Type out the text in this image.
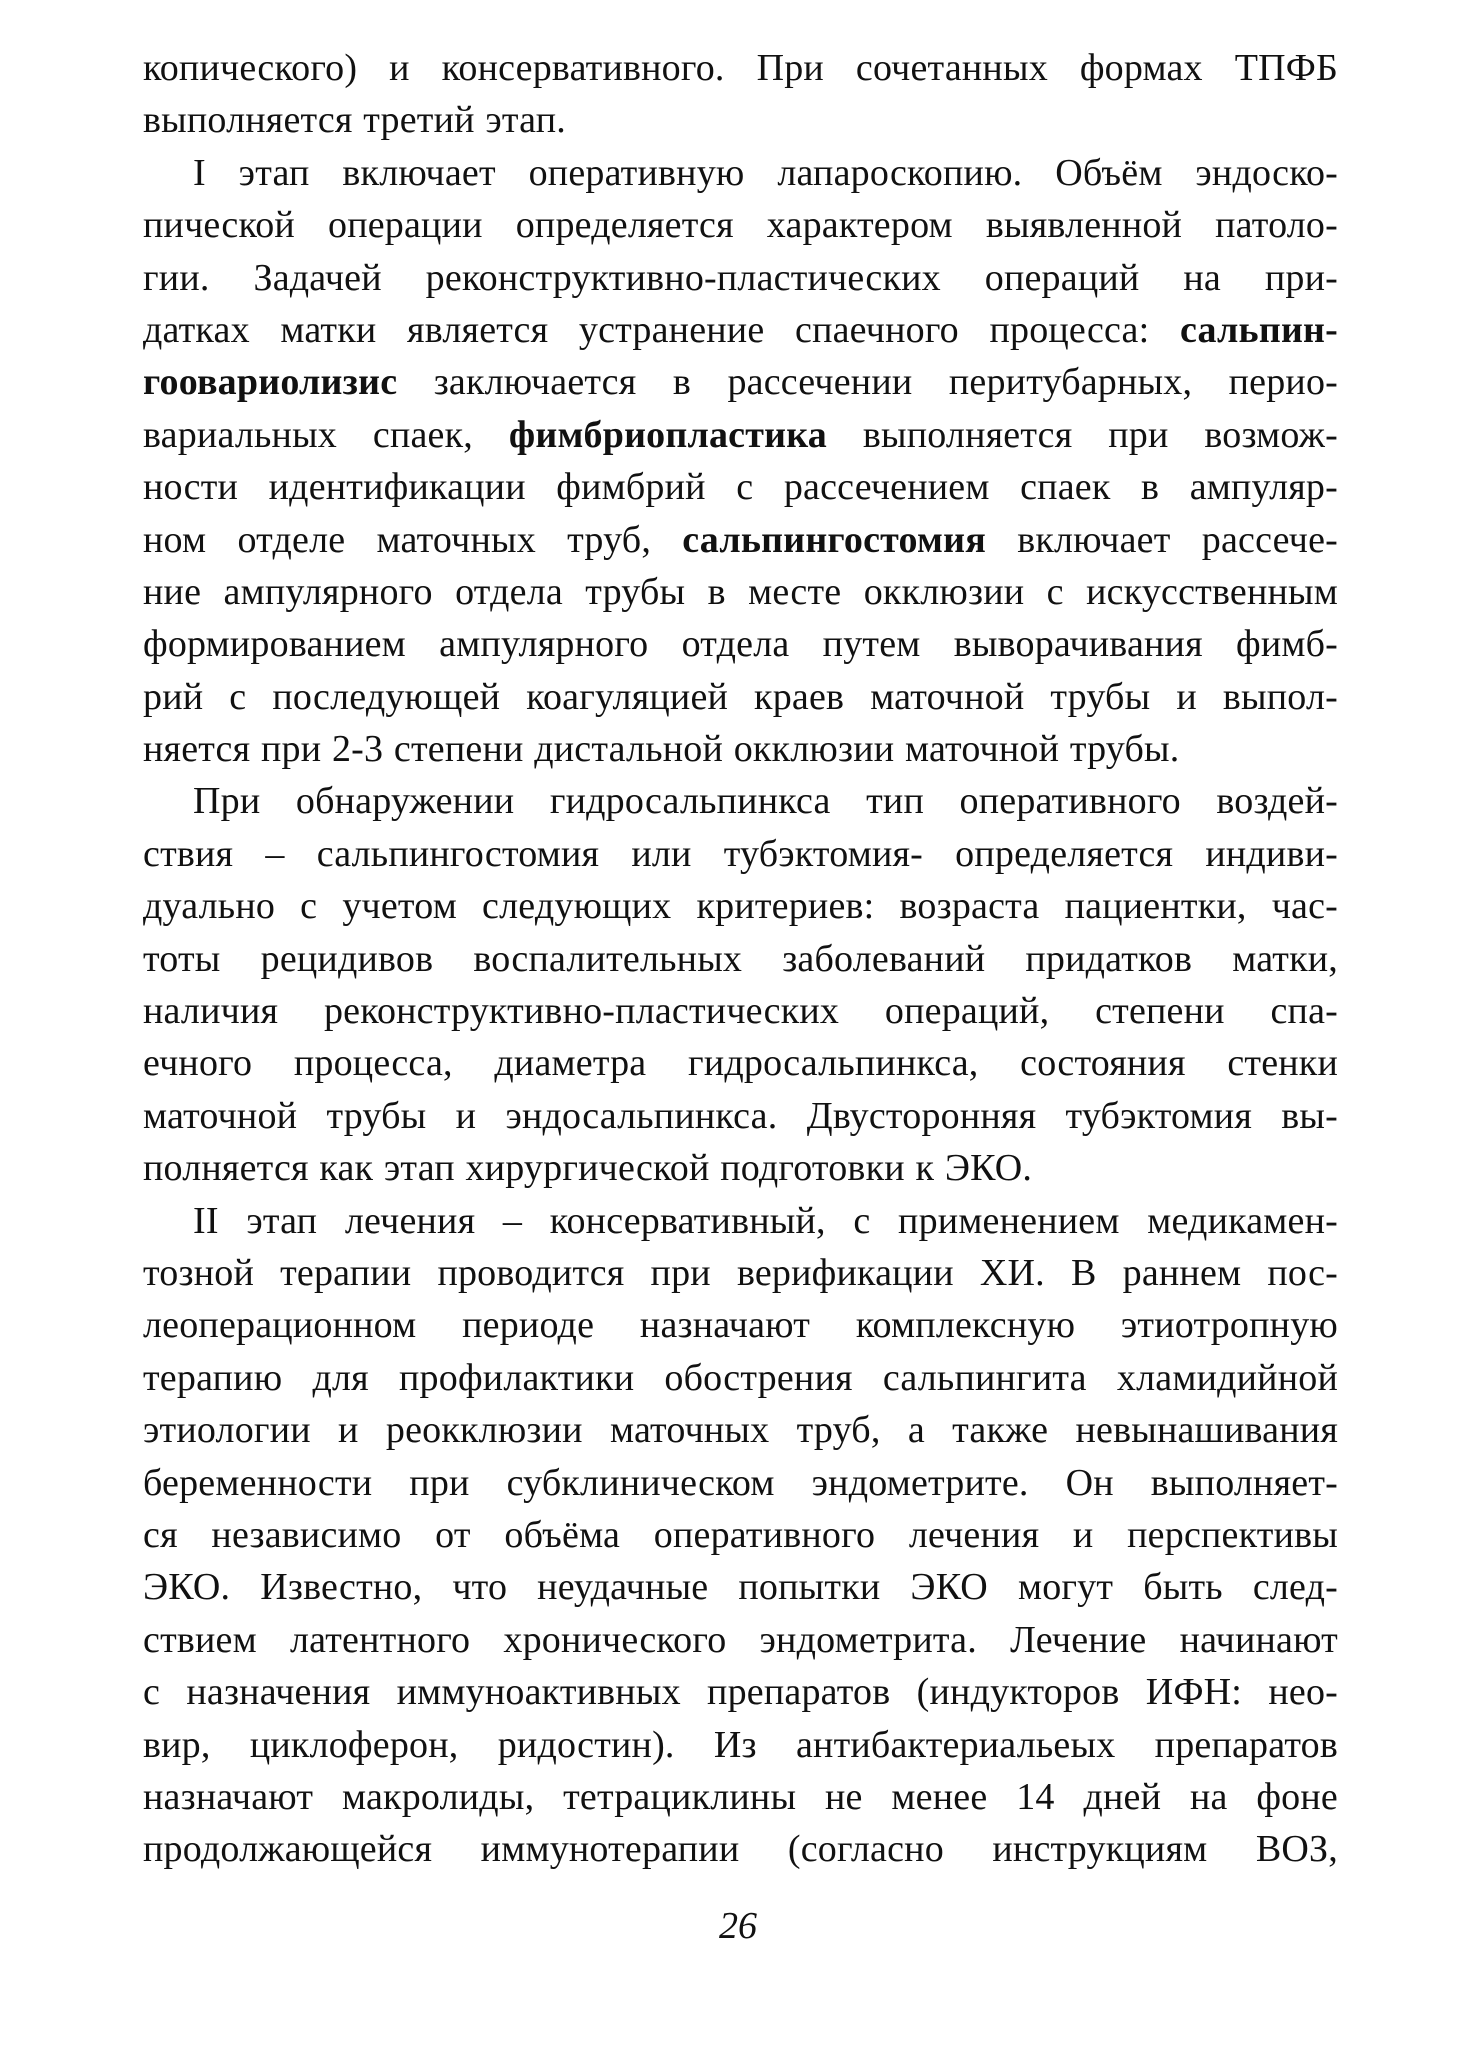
копического) и консервативного. При сочетанных формах ТПФБ
выполняется третий этап.
I этап включает оперативную лапароскопию. Объём эндоско-
пической операции определяется характером выявленной патоло-
гии. Задачей реконструктивно-пластических операций на при-
датках матки является устранение спаечного процесса: сальпин-
гоовариолизис заключается в рассечении перитубарных, перио-
вариальных спаек, фимбриопластика выполняется при возмож-
ности идентификации фимбрий с рассечением спаек в ампуляр-
ном отделе маточных труб, сальпингостомия включает рассече-
ние ампулярного отдела трубы в месте окклюзии с искусственным
формированием ампулярного отдела путем выворачивания фимб-
рий с последующей коагуляцией краев маточной трубы и выпол-
няется при 2-3 степени дистальной окклюзии маточной трубы.
При обнаружении гидросальпинкса тип оперативного воздей-
ствия – сальпингостомия или тубэктомия- определяется индиви-
дуально с учетом следующих критериев: возраста пациентки, час-
тоты рецидивов воспалительных заболеваний придатков матки,
наличия реконструктивно-пластических операций, степени спа-
ечного процесса, диаметра гидросальпинкса, состояния стенки
маточной трубы и эндосальпинкса. Двусторонняя тубэктомия вы-
полняется как этап хирургической подготовки к ЭКО.
II этап лечения – консервативный, с применением медикамен-
тозной терапии проводится при верификации ХИ. В раннем пос-
леоперационном периоде назначают комплексную этиотропную
терапию для профилактики обострения сальпингита хламидийной
этиологии и реокклюзии маточных труб, а также невынашивания
беременности при субклиническом эндометрите. Он выполняет-
ся независимо от объёма оперативного лечения и перспективы
ЭКО. Известно, что неудачные попытки ЭКО могут быть след-
ствием латентного хронического эндометрита. Лечение начинают
с назначения иммуноактивных препаратов (индукторов ИФН: нео-
вир, циклоферон, ридостин). Из антибактериальеых препаратов
назначают макролиды, тетрациклины не менее 14 дней на фоне
продолжающейся иммунотерапии (согласно инструкциям ВОЗ,
26
